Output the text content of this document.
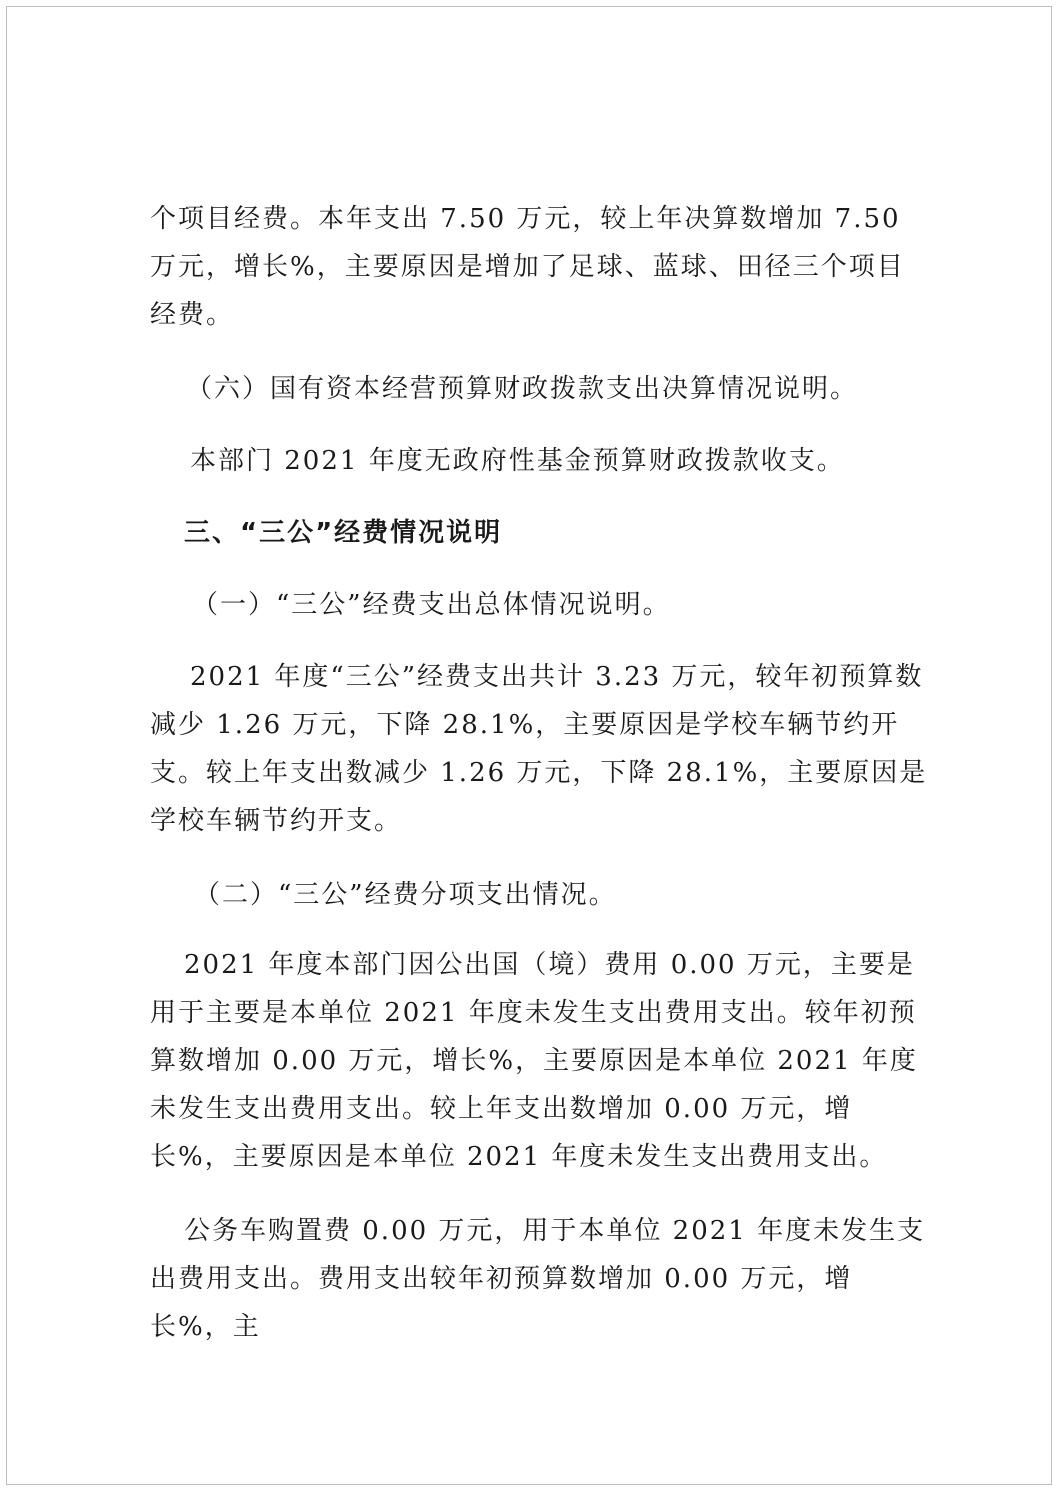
个项目经费。本年支出 7.50 万元，较上年决算数增加 7.50 万元，增长%，主要原因是增加了足球、蓝球、田径三个项目经费。

（六）国有资本经营预算财政拨款支出决算情况说明。

本部门 2021 年度无政府性基金预算财政拨款收支。

三、“三公”经费情况说明

（一）“三公”经费支出总体情况说明。

2021 年度“三公”经费支出共计 3.23 万元，较年初预算数减少 1.26 万元，下降 28.1%，主要原因是学校车辆节约开支。较上年支出数减少 1.26 万元，下降 28.1%，主要原因是学校车辆节约开支。

（二）“三公”经费分项支出情况。

2021 年度本部门因公出国（境）费用 0.00 万元，主要是用于主要是本单位 2021 年度未发生支出费用支出。较年初预算数增加 0.00 万元，增长%，主要原因是本单位 2021 年度未发生支出费用支出。较上年支出数增加 0.00 万元，增长%，主要原因是本单位 2021 年度未发生支出费用支出。

公务车购置费 0.00 万元，用于本单位 2021 年度未发生支出费用支出。费用支出较年初预算数增加 0.00 万元，增长%，主
